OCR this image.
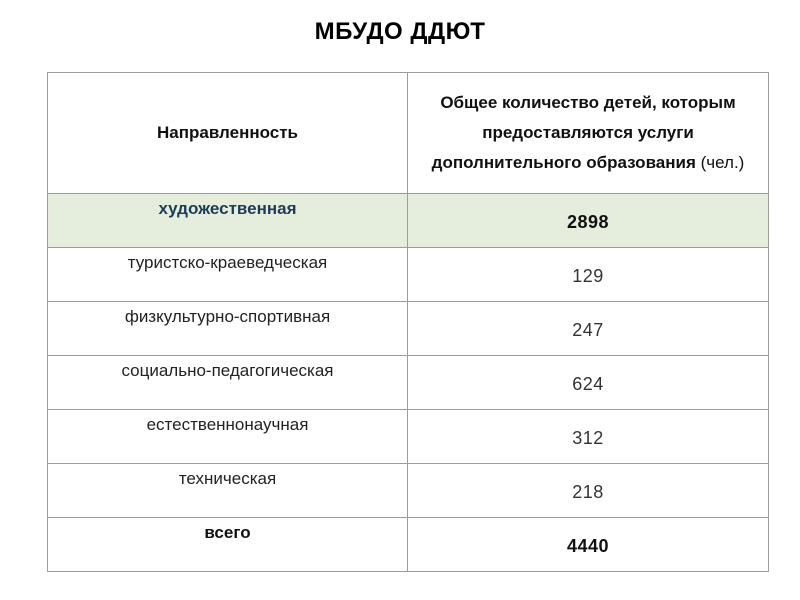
МБУДО ДДЮТ
Направленность	Общее количество детей, которым предоставляются услуги дополнительного образования (чел.)
художественная	2898
туристско-краеведческая	129
физкультурно-спортивная	247
социально-педагогическая	624
естественнонаучная	312
техническая	218
всего	4440
